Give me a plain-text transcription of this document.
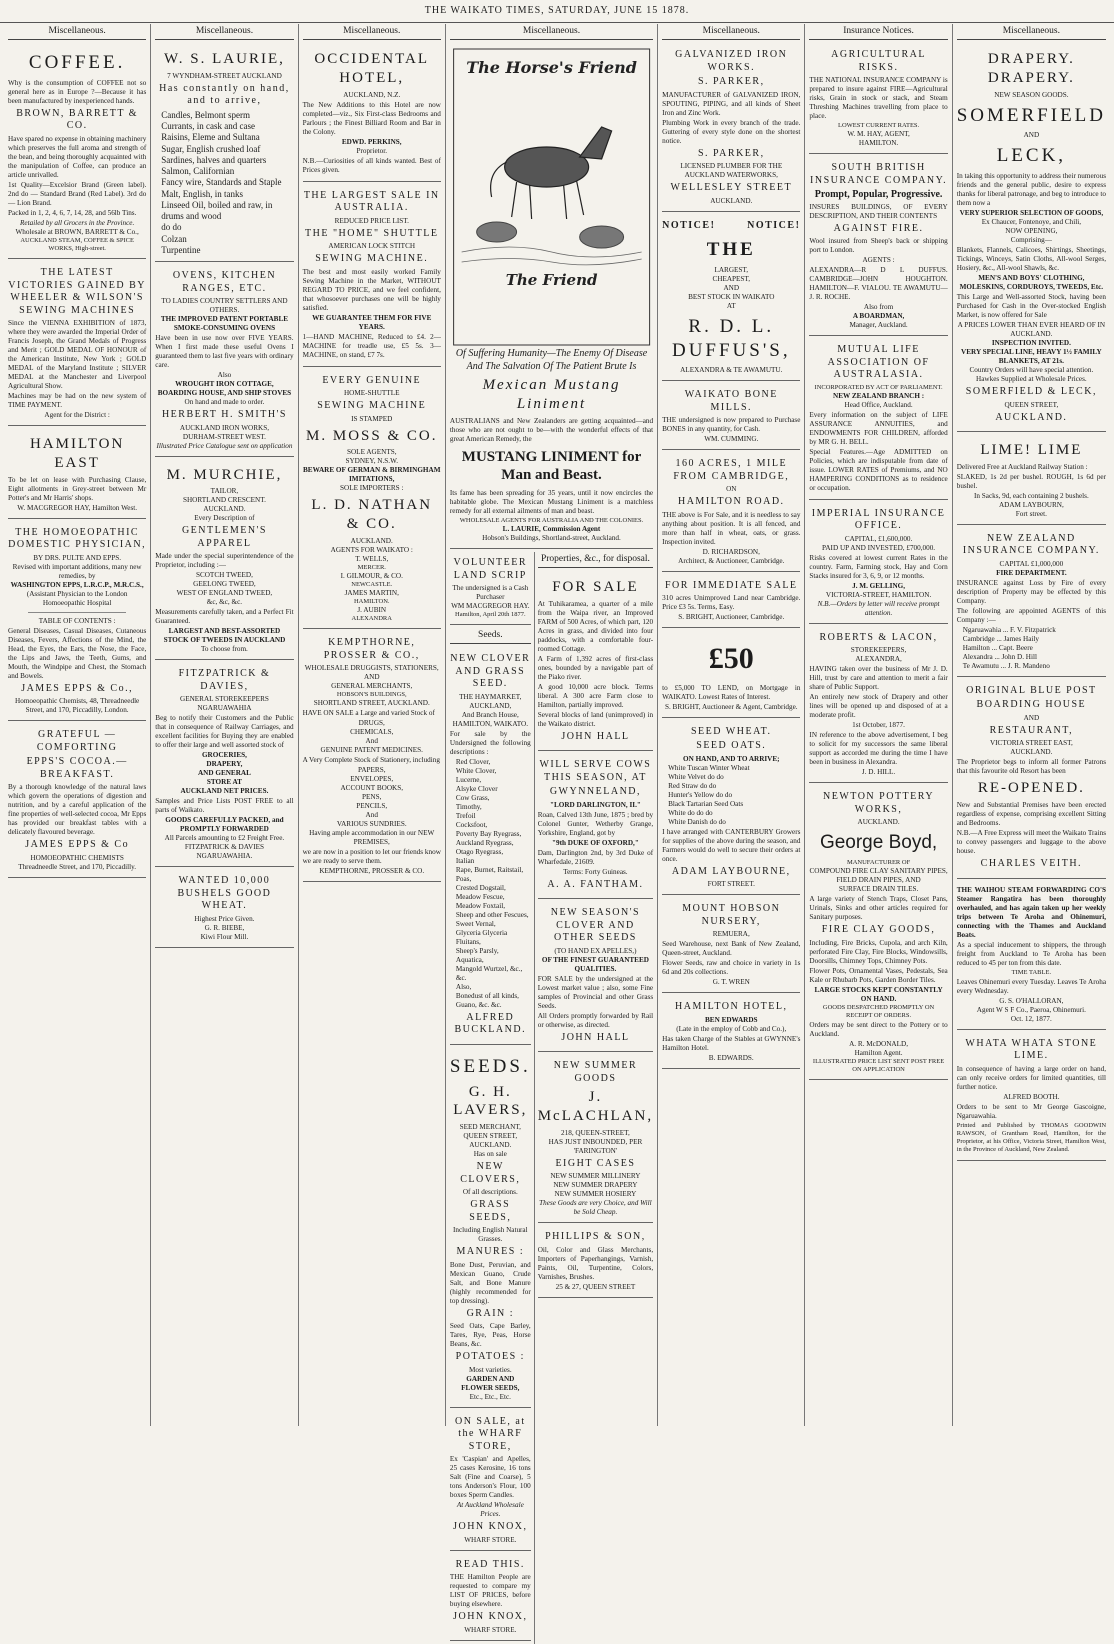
THE WAIKATO TIMES, SATURDAY, JUNE 15 1878.
Miscellaneous.
COFFEE.

Why is the consumption of COFFEE not so general here as in Europe ?—Because it has been manufactured by inexperienced hands.

BROWN, BARRETT & CO.

Have spared no expense in obtaining machinery which preserves the full aroma and strength of the bean, and being thoroughly acquainted with the manipulation of Coffee, can produce an article unrivalled.

1st Quality—Excelsior Brand (Green label). 2nd do — Standard Brand (Red Label). 3rd do — Lion Brand.

Packed in 1, 2, 4, 6, 7, 14, 28, and 56lb Tins.

Retailed by all Grocers in the Province.
Wholesale at BROWN, BARRETT & Co.,
AUCKLAND STEAM, COFFEE & SPICE WORKS, High-street.
THE LATEST VICTORIES GAINED BY WHEELER & WILSON'S SEWING MACHINES

Since the VIENNA EXHIBITION of 1873, where they were awarded the Imperial Order of Francis Joseph, the Grand Medals of Progress and Merit ; GOLD MEDAL OF HONOUR of the American Institute, New York ; GOLD MEDAL of the Maryland Institute ; SILVER MEDAL at the Manchester and Liverpool Agricultural Show.

Machines may be had on the new system of TIME PAYMENT.

Agent for the District :
HAMILTON EAST

To be let on lease with Purchasing Clause, Eight allotments in Grey-street between Mr Potter's and Mr Harris' shops.

W. MACGREGOR HAY, Hamilton West.
THE HOMOEOPATHIC DOMESTIC PHYSICIAN,
BY DRS. PULTE AND EPPS.
Revised with important additions, many new remedies, by
WASHINGTON EPPS, L.R.C.P., M.R.C.S.,
(Assistant Physician to the London Homoeopathic Hospital
TABLE OF CONTENTS :

General Diseases, Casual Diseases, Cutaneous Diseases, Fevers, Affections of the Mind, the Head, the Eyes, the Ears, the Nose, the Face, the Lips and Jaws, the Teeth, Gums, and Mouth, the Windpipe and Chest, the Stomach and Bowels.

JAMES EPPS & Co.,
Homoeopathic Chemists, 48, Threadneedle Street, and 170, Piccadilly, London.
GRATEFUL — COMFORTING
EPPS'S COCOA.—BREAKFAST.

By a thorough knowledge of the natural laws which govern the operations of digestion and nutrition, and by a careful application of the fine properties of well-selected cocoa, Mr Epps has provided our breakfast tables with a delicately flavoured beverage.

JAMES EPPS & Co
HOMOEOPATHIC CHEMISTS
Threadneedle Street, and 170, Piccadilly.
Miscellaneous.
W. S. LAURIE,
7 WYNDHAM-STREET AUCKLAND
Has constantly on hand, and to arrive,
Candles, Belmont sperm
Currants, in cask and case
Raisins, Eleme and Sultana
Sugar, English crushed loaf
Sardines, halves and quarters
Salmon, Californian
Fancy wire, Standards and Staple
Malt, English, in tanks
Linseed Oil, boiled and raw, in drums and wood
do do
Colzan
Turpentine
OVENS, KITCHEN RANGES, ETC.
TO LADIES COUNTRY SETTLERS AND OTHERS.
THE IMPROVED PATENT PORTABLE SMOKE-CONSUMING OVENS

Have been in use now over FIVE YEARS. When I first made these useful Ovens I guaranteed them to last five years with ordinary care.

Also
WROUGHT IRON COTTAGE, BOARDING HOUSE, AND SHIP STOVES
On hand and made to order.
HERBERT H. SMITH'S
AUCKLAND IRON WORKS,
DURHAM-STREET WEST.
Illustrated Price Catalogue sent on application
M. MURCHIE,
TAILOR,
SHORTLAND CRESCENT.
AUCKLAND.
Every Description of
GENTLEMEN'S APPAREL

Made under the special superintendence of the Proprietor, including :—

SCOTCH TWEED,
GEELONG TWEED,
WEST OF ENGLAND TWEED,
&c, &c, &c.

Measurements carefully taken, and a Perfect Fit Guaranteed.

LARGEST AND BEST-ASSORTED STOCK OF TWEEDS IN AUCKLAND
To choose from.
FITZPATRICK & DAVIES,
GENERAL STOREKEEPERS
NGARUAWAHIA

Beg to notify their Customers and the Public that in consequence of Railway Carriages, and excellent facilities for Buying they are enabled to offer their large and well assorted stock of

GROCERIES,
DRAPERY,
AND GENERAL
STORE AT
AUCKLAND NET PRICES.

Samples and Price Lists POST FREE to all parts of Waikato.

GOODS CAREFULLY PACKED, and PROMPTLY FORWARDED
All Parcels amounting to £2 Freight Free.
FITZPATRICK & DAVIES
NGARUAWAHIA.
WANTED 10,000 BUSHELS GOOD WHEAT.
Highest Price Given.
G. R. BIEBE,
Kiwi Flour Mill.
Miscellaneous.
OCCIDENTAL HOTEL,
AUCKLAND, N.Z.

The New Additions to this Hotel are now completed—viz., Six First-class Bedrooms and Parlours ; the Finest Billiard Room and Bar in the Colony.

EDWD. PERKINS,
Proprietor.

N.B.—Curiosities of all kinds wanted. Best of Prices given.

THE LARGEST SALE IN AUSTRALIA.
REDUCED PRICE LIST.
THE "HOME" SHUTTLE
AMERICAN LOCK STITCH
SEWING MACHINE.

The best and most easily worked Family Sewing Machine in the Market, WITHOUT REGARD TO PRICE, and we feel confident, that whosoever purchases one will be highly satisfied.

WE GUARANTEE THEM FOR FIVE YEARS.

1—HAND MACHINE, Reduced to £4. 2—MACHINE for treadle use, £5 5s. 3—MACHINE, on stand, £7 7s.

EVERY GENUINE
HOME-SHUTTLE
SEWING MACHINE
IS STAMPED
M. MOSS & CO.
SOLE AGENTS,
SYDNEY, N.S.W.
BEWARE OF GERMAN & BIRMINGHAM IMITATIONS,
SOLE IMPORTERS :
L. D. NATHAN & CO.
AUCKLAND.
AGENTS FOR WAIKATO :
T. WELLS,
MERCER.
I. GILMOUR, & CO.
NEWCASTLE.
JAMES MARTIN,
HAMILTON.
J. AUBIN
ALEXANDRA
KEMPTHORNE, PROSSER & CO.,
WHOLESALE DRUGGISTS, STATIONERS,
AND
GENERAL MERCHANTS,
HOBSON'S BUILDINGS,
SHORTLAND STREET, AUCKLAND.

HAVE ON SALE a Large and varied Stock of

DRUGS,
CHEMICALS,
And
GENUINE PATENT MEDICINES.

A Very Complete Stock of Stationery, including

PAPERS,
ENVELOPES,
ACCOUNT BOOKS,
PENS,
PENCILS,
And
VARIOUS SUNDRIES.
Having ample accommodation in our NEW PREMISES,

we are now in a position to let our friends know we are ready to serve them.

KEMPTHORNE, PROSSER & CO.
Miscellaneous.
The Horse's Friend
The Friend

Of Suffering Humanity—The Enemy Of Disease And The Salvation Of The Patient Brute Is

Mexican Mustang Liniment

AUSTRALIANS and New Zealanders are getting acquainted—and those who are not ought to be—with the wonderful effects of that great American Remedy, the

MUSTANG LINIMENT for Man and Beast.

Its fame has been spreading for 35 years, until it now encircles the habitable globe. The Mexican Mustang Liniment is a matchless remedy for all external ailments of man and beast.

WHOLESALE AGENTS FOR AUSTRALIA AND THE COLONIES.
L. LAURIE, Commission Agent
Hobson's Buildings, Shortland-street, Auckland.
VOLUNTEER LAND SCRIP
The undersigned is a Cash Purchaser
WM MACGREGOR HAY.
Hamilton, April 20th 1877.
Seeds.
NEW CLOVER AND GRASS SEED.
THE HAYMARKET, AUCKLAND,
And Branch House,
HAMILTON, WAIKATO.

For sale by the Undersigned the following descriptions :

Red Clover,
White Clover,
Lucerne,
Alsyke Clover
Cow Grass,
Timothy,
Trefoil
Cocksfoot,
Poverty Bay Ryegrass,
Auckland Ryegrass,
Otago Ryegrass,
Italian
Rape, Burnet, Raitstail, Poas,
Crested Dogstail,
Meadow Fescue,
Meadow Foxtail,
Sheep and other Fescues,
Sweet Vernal,
Glyceria Glyceria Fluitans,
Sheep's Parsly,
Aquatica,
Mangold Wurtzel, &c., &c.
Also,
Bonedust of all kinds,
Guano, &c. &c.
ALFRED BUCKLAND.
SEEDS.
G. H. LAVERS,
SEED MERCHANT,
QUEEN STREET, AUCKLAND.
Has on sale
NEW CLOVERS,
Of all descriptions.
GRASS SEEDS,
Including English Natural Grasses.
MANURES :

Bone Dust, Peruvian, and Mexican Guano, Crude Salt, and Bone Manure (highly recommended for top dressing).

GRAIN :

Seed Oats, Cape Barley, Tares, Rye, Peas, Horse Beans, &c.

POTATOES :
Most varieties.
GARDEN AND FLOWER SEEDS,
Etc., Etc., Etc.
ON SALE, at the WHARF STORE,

Ex 'Caspian' and Apelles, 25 cases Kerosine, 16 tons Salt (Fine and Coarse), 5 tons Anderson's Flour, 100 boxes Sperm Candles.

At Auckland Wholesale Prices.
JOHN KNOX,
WHARF STORE.
READ THIS.

THE Hamilton People are requested to compare my LIST OF PRICES, before buying elsewhere.

JOHN KNOX,
WHARF STORE.
Properties, &c., for disposal.
FOR SALE

At Tuhikaramea, a quarter of a mile from the Waipa river, an Improved FARM of 500 Acres, of which part, 120 Acres in grass, and divided into four paddocks, with a comfortable four-roomed Cottage.

A Farm of 1,392 acres of first-class ones, bounded by a navigable part of the Piako river.

A good 10,000 acre block. Terms liberal. A 300 acre Farm close to Hamilton, partially improved.

Several blocks of land (unimproved) in the Waikato district.

JOHN HALL
WILL SERVE COWS THIS SEASON, AT
GWYNNELAND,
"LORD DARLINGTON, II."

Roan, Calved 13th June, 1875 ; bred by Colonel Gunter, Wetherby Grange, Yorkshire, England, got by

"9th DUKE OF OXFORD,"

Dam, Darlington 2nd, by 3rd Duke of Wharfedale, 21609.

Terms: Forty Guineas.
A. A. FANTHAM.
NEW SEASON'S CLOVER AND OTHER SEEDS
(TO HAND EX APELLES,)
OF THE FINEST GUARANTEED QUALITIES.

FOR SALE by the undersigned at the Lowest market value ; also, some Fine samples of Provincial and other Grass Seeds.

All Orders promptly forwarded by Rail or otherwise, as directed.

JOHN HALL
NEW SUMMER GOODS
J. McLACHLAN,
218, QUEEN-STREET,
HAS JUST INBOUNDED, PER 'FARINGTON'
EIGHT CASES
NEW SUMMER MILLINERY
NEW SUMMER DRAPERY
NEW SUMMER HOSIERY
These Goods are very Choice, and Will be Sold Cheap.
PHILLIPS & SON,

Oil, Color and Glass Merchants, Importers of Paperhangings, Varnish, Paints, Oil, Turpentine, Colors, Varnishes, Brushes.

25 & 27, QUEEN STREET
Miscellaneous.
GALVANIZED IRON WORKS.
S. PARKER,

MANUFACTURER of GALVANIZED IRON, SPOUTING, PIPING, and all kinds of Sheet Iron and Zinc Work.

Plumbing Work in every branch of the trade. Guttering of every style done on the shortest notice.

S. PARKER,
LICENSED PLUMBER FOR THE AUCKLAND WATERWORKS,
WELLESLEY STREET
AUCKLAND.
NOTICE!	NOTICE!
THE
LARGEST,
CHEAPEST,
AND
BEST STOCK IN WAIKATO
AT
R. D. L. DUFFUS'S,
ALEXANDRA & TE AWAMUTU.
WAIKATO BONE MILLS.

THE undersigned is now prepared to Purchase BONES in any quantity, for Cash.

WM. CUMMING.
160 ACRES, 1 MILE FROM CAMBRIDGE,
ON
HAMILTON ROAD.

THE above is For Sale, and it is needless to say anything about position. It is all fenced, and more than half in wheat, oats, or grass. Inspection invited.

D. RICHARDSON,
Architect, & Auctioneer, Cambridge.
FOR IMMEDIATE SALE

310 acres Unimproved Land near Cambridge. Price £3 5s. Terms, Easy.

S. BRIGHT, Auctioneer, Cambridge.
£50

to £5,000 TO LEND, on Mortgage in WAIKATO. Lowest Rates of Interest.

S. BRIGHT, Auctioneer & Agent, Cambridge.
SEED WHEAT.
SEED OATS.
ON HAND, AND TO ARRIVE;
White Tuscan Winter Wheat
White Velvet do do
Red Straw do do
Hunter's Yellow do do
Black Tartarian Seed Oats
White do do do
White Danish do do

I have arranged with CANTERBURY Growers for supplies of the above during the season, and Farmers would do well to secure their orders at once.

ADAM LAYBOURNE,
FORT STREET.
MOUNT HOBSON NURSERY,
REMUERA,

Seed Warehouse, next Bank of New Zealand, Queen-street, Auckland.

Flower Seeds, raw and choice in variety in 1s 6d and 20s collections.

G. T. WREN
HAMILTON HOTEL,
BEN EDWARDS
(Late in the employ of Cobb and Co.),

Has taken Charge of the Stables at GWYNNE's Hamilton Hotel.

B. EDWARDS.
Insurance Notices.
AGRICULTURAL RISKS.

THE NATIONAL INSURANCE COMPANY is prepared to insure against FIRE—Agricultural risks, Grain in stock or stack, and Steam Threshing Machines travelling from place to place.

LOWEST CURRENT RATES.
W. M. HAY, AGENT,
HAMILTON.
SOUTH BRITISH INSURANCE COMPANY.
Prompt, Popular, Progressive.

INSURES BUILDINGS, OF EVERY DESCRIPTION, AND THEIR CONTENTS

AGAINST FIRE.

Wool insured from Sheep's back or shipping port to London.

AGENTS :

ALEXANDRA—R D L DUFFUS. CAMBRIDGE—JOHN HOUGHTON. HAMILTON—F. VIALOU. TE AWAMUTU—J. R. ROCHE.

Also from
A BOARDMAN,
Manager, Auckland.
MUTUAL LIFE ASSOCIATION OF AUSTRALASIA.
INCORPORATED BY ACT OF PARLIAMENT.
NEW ZEALAND BRANCH :
Head Office, Auckland.

Every information on the subject of LIFE ASSURANCE ANNUITIES, and ENDOWMENTS FOR CHILDREN, afforded by MR G. H. BELL.

Special Features.—Age ADMITTED on Policies, which are indisputable from date of issue. LOWER RATES of Premiums, and NO HAMPERING CONDITIONS as to residence or occupation.

IMPERIAL INSURANCE OFFICE.
CAPITAL, £1,600,000.
PAID UP AND INVESTED, £700,000.

Risks covered at lowest current Rates in the country. Farm, Farming stock, Hay and Corn Stacks insured for 3, 6, 9, or 12 months.

J. M. GELLING,
VICTORIA-STREET, HAMILTON.
N.B.—Orders by letter will receive prompt attention.
ROBERTS & LACON,
STOREKEEPERS,
ALEXANDRA,

HAVING taken over the business of Mr J. D. Hill, trust by care and attention to merit a fair share of Public Support.

An entirely new stock of Drapery and other lines will be opened up and disposed of at a moderate profit.

1st October, 1877.

IN reference to the above advertisement, I beg to solicit for my successors the same liberal support as accorded me during the time I have been in business in Alexandra.

J. D. HILL.
NEWTON POTTERY WORKS,
AUCKLAND.
George Boyd,
MANUFACTURER OF
COMPOUND FIRE CLAY SANITARY PIPES,
FIELD DRAIN PIPES, AND
SURFACE DRAIN TILES.

A large variety of Stench Traps, Closet Pans, Urinals, Sinks and other articles required for Sanitary purposes.

FIRE CLAY GOODS,

Including, Fire Bricks, Cupola, and arch Kiln, perforated Fire Clay, Fire Blocks, Windowsills, Doorsills, Chimney Tops, Chimney Pots.

Flower Pots, Ornamental Vases, Pedestals, Sea Kale or Rhubarb Pots, Garden Border Tiles.

LARGE STOCKS KEPT CONSTANTLY ON HAND.
GOODS DESPATCHED PROMPTLY ON RECEIPT OF ORDERS.

Orders may be sent direct to the Pottery or to Auckland.

A. R. McDONALD,
Hamilton Agent.
ILLUSTRATED PRICE LIST SENT POST FREE ON APPLICATION
Miscellaneous.
DRAPERY. DRAPERY.
NEW SEASON GOODS.
SOMERFIELD
AND
LECK,

In taking this opportunity to address their numerous friends and the general public, desire to express thanks for liberal patronage, and beg to introduce to them now a

VERY SUPERIOR SELECTION OF GOODS,
Ex Chaucer, Fontenoye, and Chili,
NOW OPENING,
Comprising—

Blankets, Flannels, Calicoes, Shirtings, Sheetings, Tickings, Winceys, Satin Cloths, All-wool Serges, Hosiery, &c., All-wool Shawls, &c.

MEN'S AND BOYS' CLOTHING, MOLESKINS, CORDUROYS, TWEEDS, Etc.

This Large and Well-assorted Stock, having been Purchased for Cash in the Over-stocked English Market, is now offered for Sale

A PRICES LOWER THAN EVER HEARD OF IN AUCKLAND.
INSPECTION INVITED.
VERY SPECIAL LINE, HEAVY 1½ FAMILY BLANKETS, AT 21s.
Country Orders will have special attention.
Hawkes Supplied at Wholesale Prices.
SOMERFIELD & LECK,
QUEEN STREET,
AUCKLAND.
LIME! LIME

Delivered Free at Auckland Railway Station :

SLAKED, 1s 2d per bushel. ROUGH, 1s 6d per bushel.

In Sacks, 9d, each containing 2 bushels.
ADAM LAYBOURN,
Fort street.
NEW ZEALAND INSURANCE COMPANY.
CAPITAL £1,000,000
FIRE DEPARTMENT.

INSURANCE against Loss by Fire of every description of Property may be effected by this Company.

The following are appointed AGENTS of this Company :—

Ngaruawahia ... F. V. Fitzpatrick
Cambridge ... James Haily
Hamilton ... Capt. Beere
Alexandra ... John D. Hill
Te Awamutu ... J. R. Mandeno
ORIGINAL BLUE POST
BOARDING HOUSE
AND
RESTAURANT,
VICTORIA STREET EAST,
AUCKLAND.

The Proprietor begs to inform all former Patrons that this favourite old Resort has been

RE-OPENED.

New and Substantial Premises have been erected regardless of expense, comprising excellent Sitting and Bedrooms.

N.B.—A Free Express will meet the Waikato Trains to convey passengers and luggage to the above house.

CHARLES VEITH.

THE WAIHOU STEAM FORWARDING CO'S Steamer Rangatira has been thoroughly overhauled, and has again taken up her weekly trips between Te Aroha and Ohinemuri, connecting with the Thames and Auckland Boats.

As a special inducement to shippers, the through freight from Auckland to Te Aroha has been reduced to 45 per ton from this date.

TIME TABLE.

Leaves Ohinemuri every Tuesday. Leaves Te Aroha every Wednesday.

G. S. O'HALLORAN,
Agent W S F Co., Paeroa, Ohinemuri.
Oct. 12, 1877.
WHATA WHATA STONE LIME.

In consequence of having a large order on hand, can only receive orders for limited quantities, till further notice.

ALFRED BOOTH.

Orders to be sent to Mr George Gascoigne, Ngaruawahia.

Printed and Published by THOMAS GOODWIN RAWSON, of Grantham Road, Hamilton, for the Proprietor, at his Office, Victoria Street, Hamilton West, in the Province of Auckland, New Zealand.
